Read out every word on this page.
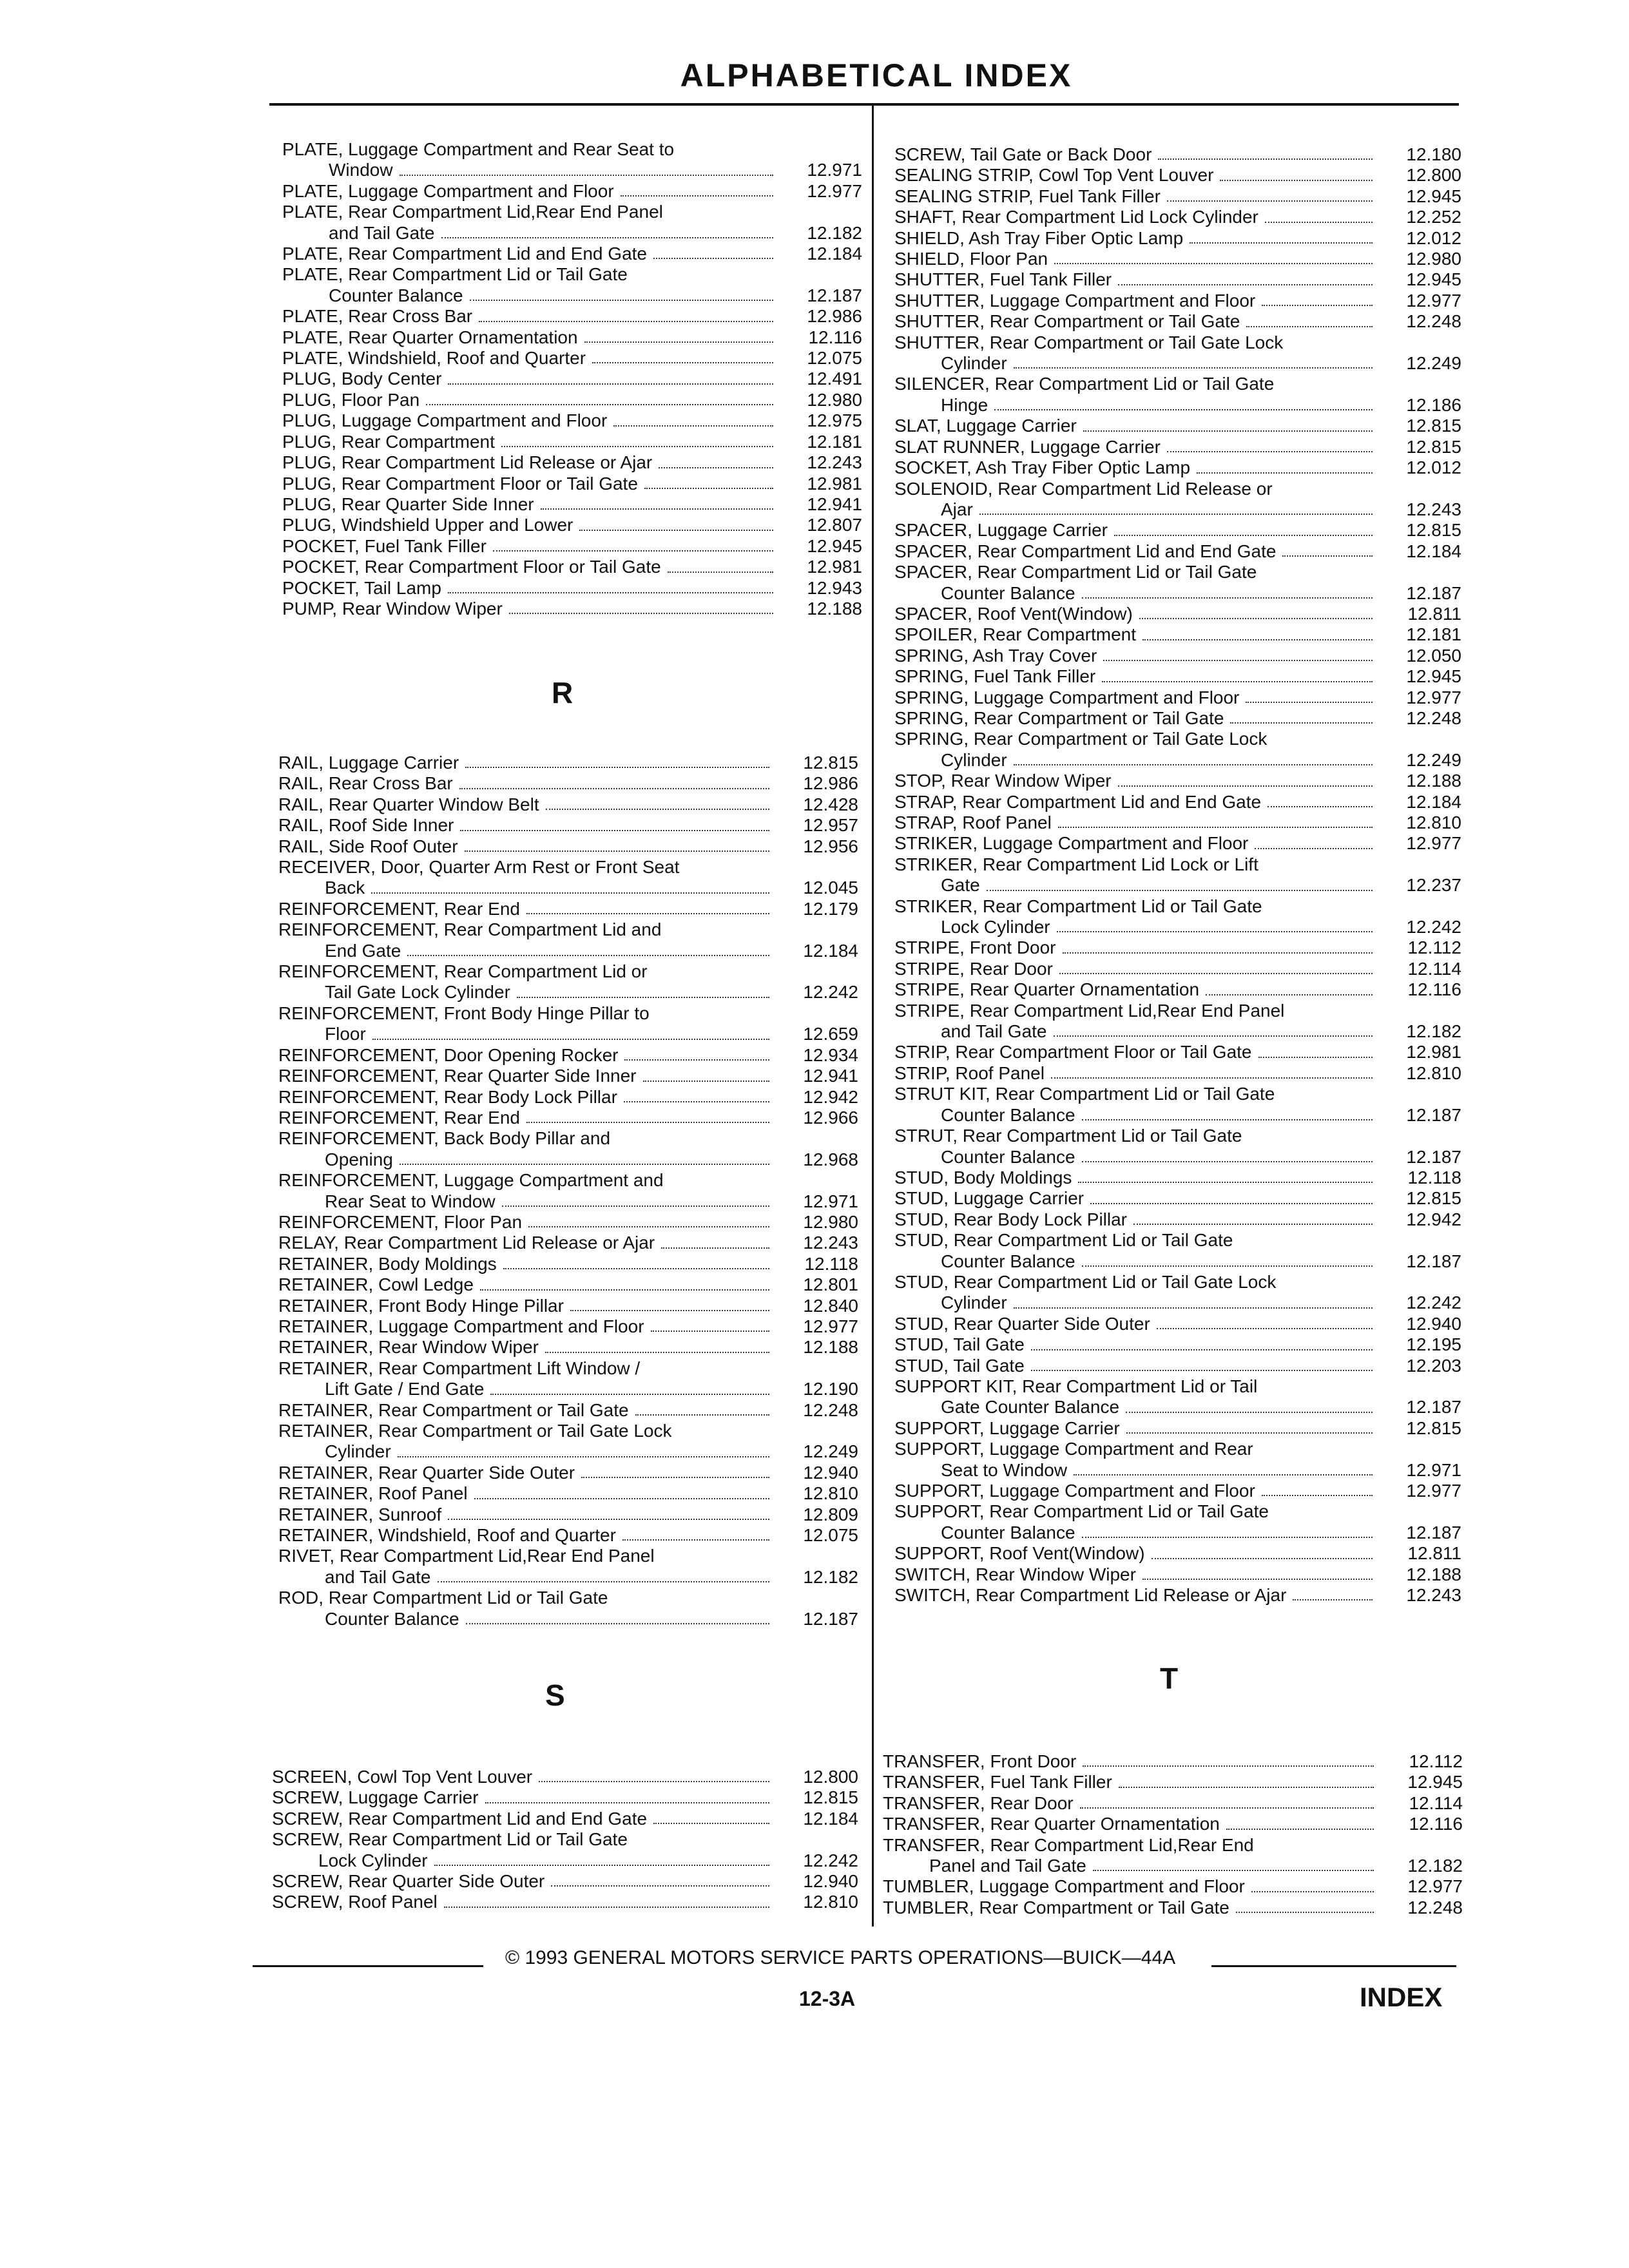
ALPHABETICAL INDEX
PLATE, Luggage Compartment and Rear Seat to
Window	12.971
PLATE, Luggage Compartment and Floor	12.977
PLATE, Rear Compartment Lid,Rear End Panel
and Tail Gate	12.182
PLATE, Rear Compartment Lid and End Gate	12.184
PLATE, Rear Compartment Lid or Tail Gate
Counter Balance	12.187
PLATE, Rear Cross Bar	12.986
PLATE, Rear Quarter Ornamentation	12.116
PLATE, Windshield, Roof and Quarter	12.075
PLUG, Body Center	12.491
PLUG, Floor Pan	12.980
PLUG, Luggage Compartment and Floor	12.975
PLUG, Rear Compartment	12.181
PLUG, Rear Compartment Lid Release or Ajar	12.243
PLUG, Rear Compartment Floor or Tail Gate	12.981
PLUG, Rear Quarter Side Inner	12.941
PLUG, Windshield Upper and Lower	12.807
POCKET, Fuel Tank Filler	12.945
POCKET, Rear Compartment Floor or Tail Gate	12.981
POCKET, Tail Lamp	12.943
PUMP, Rear Window Wiper	12.188
R
RAIL, Luggage Carrier	12.815
RAIL, Rear Cross Bar	12.986
RAIL, Rear Quarter Window Belt	12.428
RAIL, Roof Side Inner	12.957
RAIL, Side Roof Outer	12.956
RECEIVER, Door, Quarter Arm Rest or Front Seat
Back	12.045
REINFORCEMENT, Rear End	12.179
REINFORCEMENT, Rear Compartment Lid and
End Gate	12.184
REINFORCEMENT, Rear Compartment Lid or
Tail Gate Lock Cylinder	12.242
REINFORCEMENT, Front Body Hinge Pillar to
Floor	12.659
REINFORCEMENT, Door Opening Rocker	12.934
REINFORCEMENT, Rear Quarter Side Inner	12.941
REINFORCEMENT, Rear Body Lock Pillar	12.942
REINFORCEMENT, Rear End	12.966
REINFORCEMENT, Back Body Pillar and
Opening	12.968
REINFORCEMENT, Luggage Compartment and
Rear Seat to Window	12.971
REINFORCEMENT, Floor Pan	12.980
RELAY, Rear Compartment Lid Release or Ajar	12.243
RETAINER, Body Moldings	12.118
RETAINER, Cowl Ledge	12.801
RETAINER, Front Body Hinge Pillar	12.840
RETAINER, Luggage Compartment and Floor	12.977
RETAINER, Rear Window Wiper	12.188
RETAINER, Rear Compartment Lift Window /
Lift Gate / End Gate	12.190
RETAINER, Rear Compartment or Tail Gate	12.248
RETAINER, Rear Compartment or Tail Gate Lock
Cylinder	12.249
RETAINER, Rear Quarter Side Outer	12.940
RETAINER, Roof Panel	12.810
RETAINER, Sunroof	12.809
RETAINER, Windshield, Roof and Quarter	12.075
RIVET, Rear Compartment Lid,Rear End Panel
and Tail Gate	12.182
ROD, Rear Compartment Lid or Tail Gate
Counter Balance	12.187
S
SCREEN, Cowl Top Vent Louver	12.800
SCREW, Luggage Carrier	12.815
SCREW, Rear Compartment Lid and End Gate	12.184
SCREW, Rear Compartment Lid or Tail Gate
Lock Cylinder	12.242
SCREW, Rear Quarter Side Outer	12.940
SCREW, Roof Panel	12.810
SCREW, Tail Gate or Back Door	12.180
SEALING STRIP, Cowl Top Vent Louver	12.800
SEALING STRIP, Fuel Tank Filler	12.945
SHAFT, Rear Compartment Lid Lock Cylinder	12.252
SHIELD, Ash Tray Fiber Optic Lamp	12.012
SHIELD, Floor Pan	12.980
SHUTTER, Fuel Tank Filler	12.945
SHUTTER, Luggage Compartment and Floor	12.977
SHUTTER, Rear Compartment or Tail Gate	12.248
SHUTTER, Rear Compartment or Tail Gate Lock
Cylinder	12.249
SILENCER, Rear Compartment Lid or Tail Gate
Hinge	12.186
SLAT, Luggage Carrier	12.815
SLAT RUNNER, Luggage Carrier	12.815
SOCKET, Ash Tray Fiber Optic Lamp	12.012
SOLENOID, Rear Compartment Lid Release or
Ajar	12.243
SPACER, Luggage Carrier	12.815
SPACER, Rear Compartment Lid and End Gate	12.184
SPACER, Rear Compartment Lid or Tail Gate
Counter Balance	12.187
SPACER, Roof Vent(Window)	12.811
SPOILER, Rear Compartment	12.181
SPRING, Ash Tray Cover	12.050
SPRING, Fuel Tank Filler	12.945
SPRING, Luggage Compartment and Floor	12.977
SPRING, Rear Compartment or Tail Gate	12.248
SPRING, Rear Compartment or Tail Gate Lock
Cylinder	12.249
STOP, Rear Window Wiper	12.188
STRAP, Rear Compartment Lid and End Gate	12.184
STRAP, Roof Panel	12.810
STRIKER, Luggage Compartment and Floor	12.977
STRIKER, Rear Compartment Lid Lock or Lift
Gate	12.237
STRIKER, Rear Compartment Lid or Tail Gate
Lock Cylinder	12.242
STRIPE, Front Door	12.112
STRIPE, Rear Door	12.114
STRIPE, Rear Quarter Ornamentation	12.116
STRIPE, Rear Compartment Lid,Rear End Panel
and Tail Gate	12.182
STRIP, Rear Compartment Floor or Tail Gate	12.981
STRIP, Roof Panel	12.810
STRUT KIT, Rear Compartment Lid or Tail Gate
Counter Balance	12.187
STRUT, Rear Compartment Lid or Tail Gate
Counter Balance	12.187
STUD, Body Moldings	12.118
STUD, Luggage Carrier	12.815
STUD, Rear Body Lock Pillar	12.942
STUD, Rear Compartment Lid or Tail Gate
Counter Balance	12.187
STUD, Rear Compartment Lid or Tail Gate Lock
Cylinder	12.242
STUD, Rear Quarter Side Outer	12.940
STUD, Tail Gate	12.195
STUD, Tail Gate	12.203
SUPPORT KIT, Rear Compartment Lid or Tail
Gate Counter Balance	12.187
SUPPORT, Luggage Carrier	12.815
SUPPORT, Luggage Compartment and Rear
Seat to Window	12.971
SUPPORT, Luggage Compartment and Floor	12.977
SUPPORT, Rear Compartment Lid or Tail Gate
Counter Balance	12.187
SUPPORT, Roof Vent(Window)	12.811
SWITCH, Rear Window Wiper	12.188
SWITCH, Rear Compartment Lid Release or Ajar	12.243
T
TRANSFER, Front Door	12.112
TRANSFER, Fuel Tank Filler	12.945
TRANSFER, Rear Door	12.114
TRANSFER, Rear Quarter Ornamentation	12.116
TRANSFER, Rear Compartment Lid,Rear End
Panel and Tail Gate	12.182
TUMBLER, Luggage Compartment and Floor	12.977
TUMBLER, Rear Compartment or Tail Gate	12.248
© 1993 GENERAL MOTORS SERVICE PARTS OPERATIONS—BUICK—44A
12-3A	INDEX
